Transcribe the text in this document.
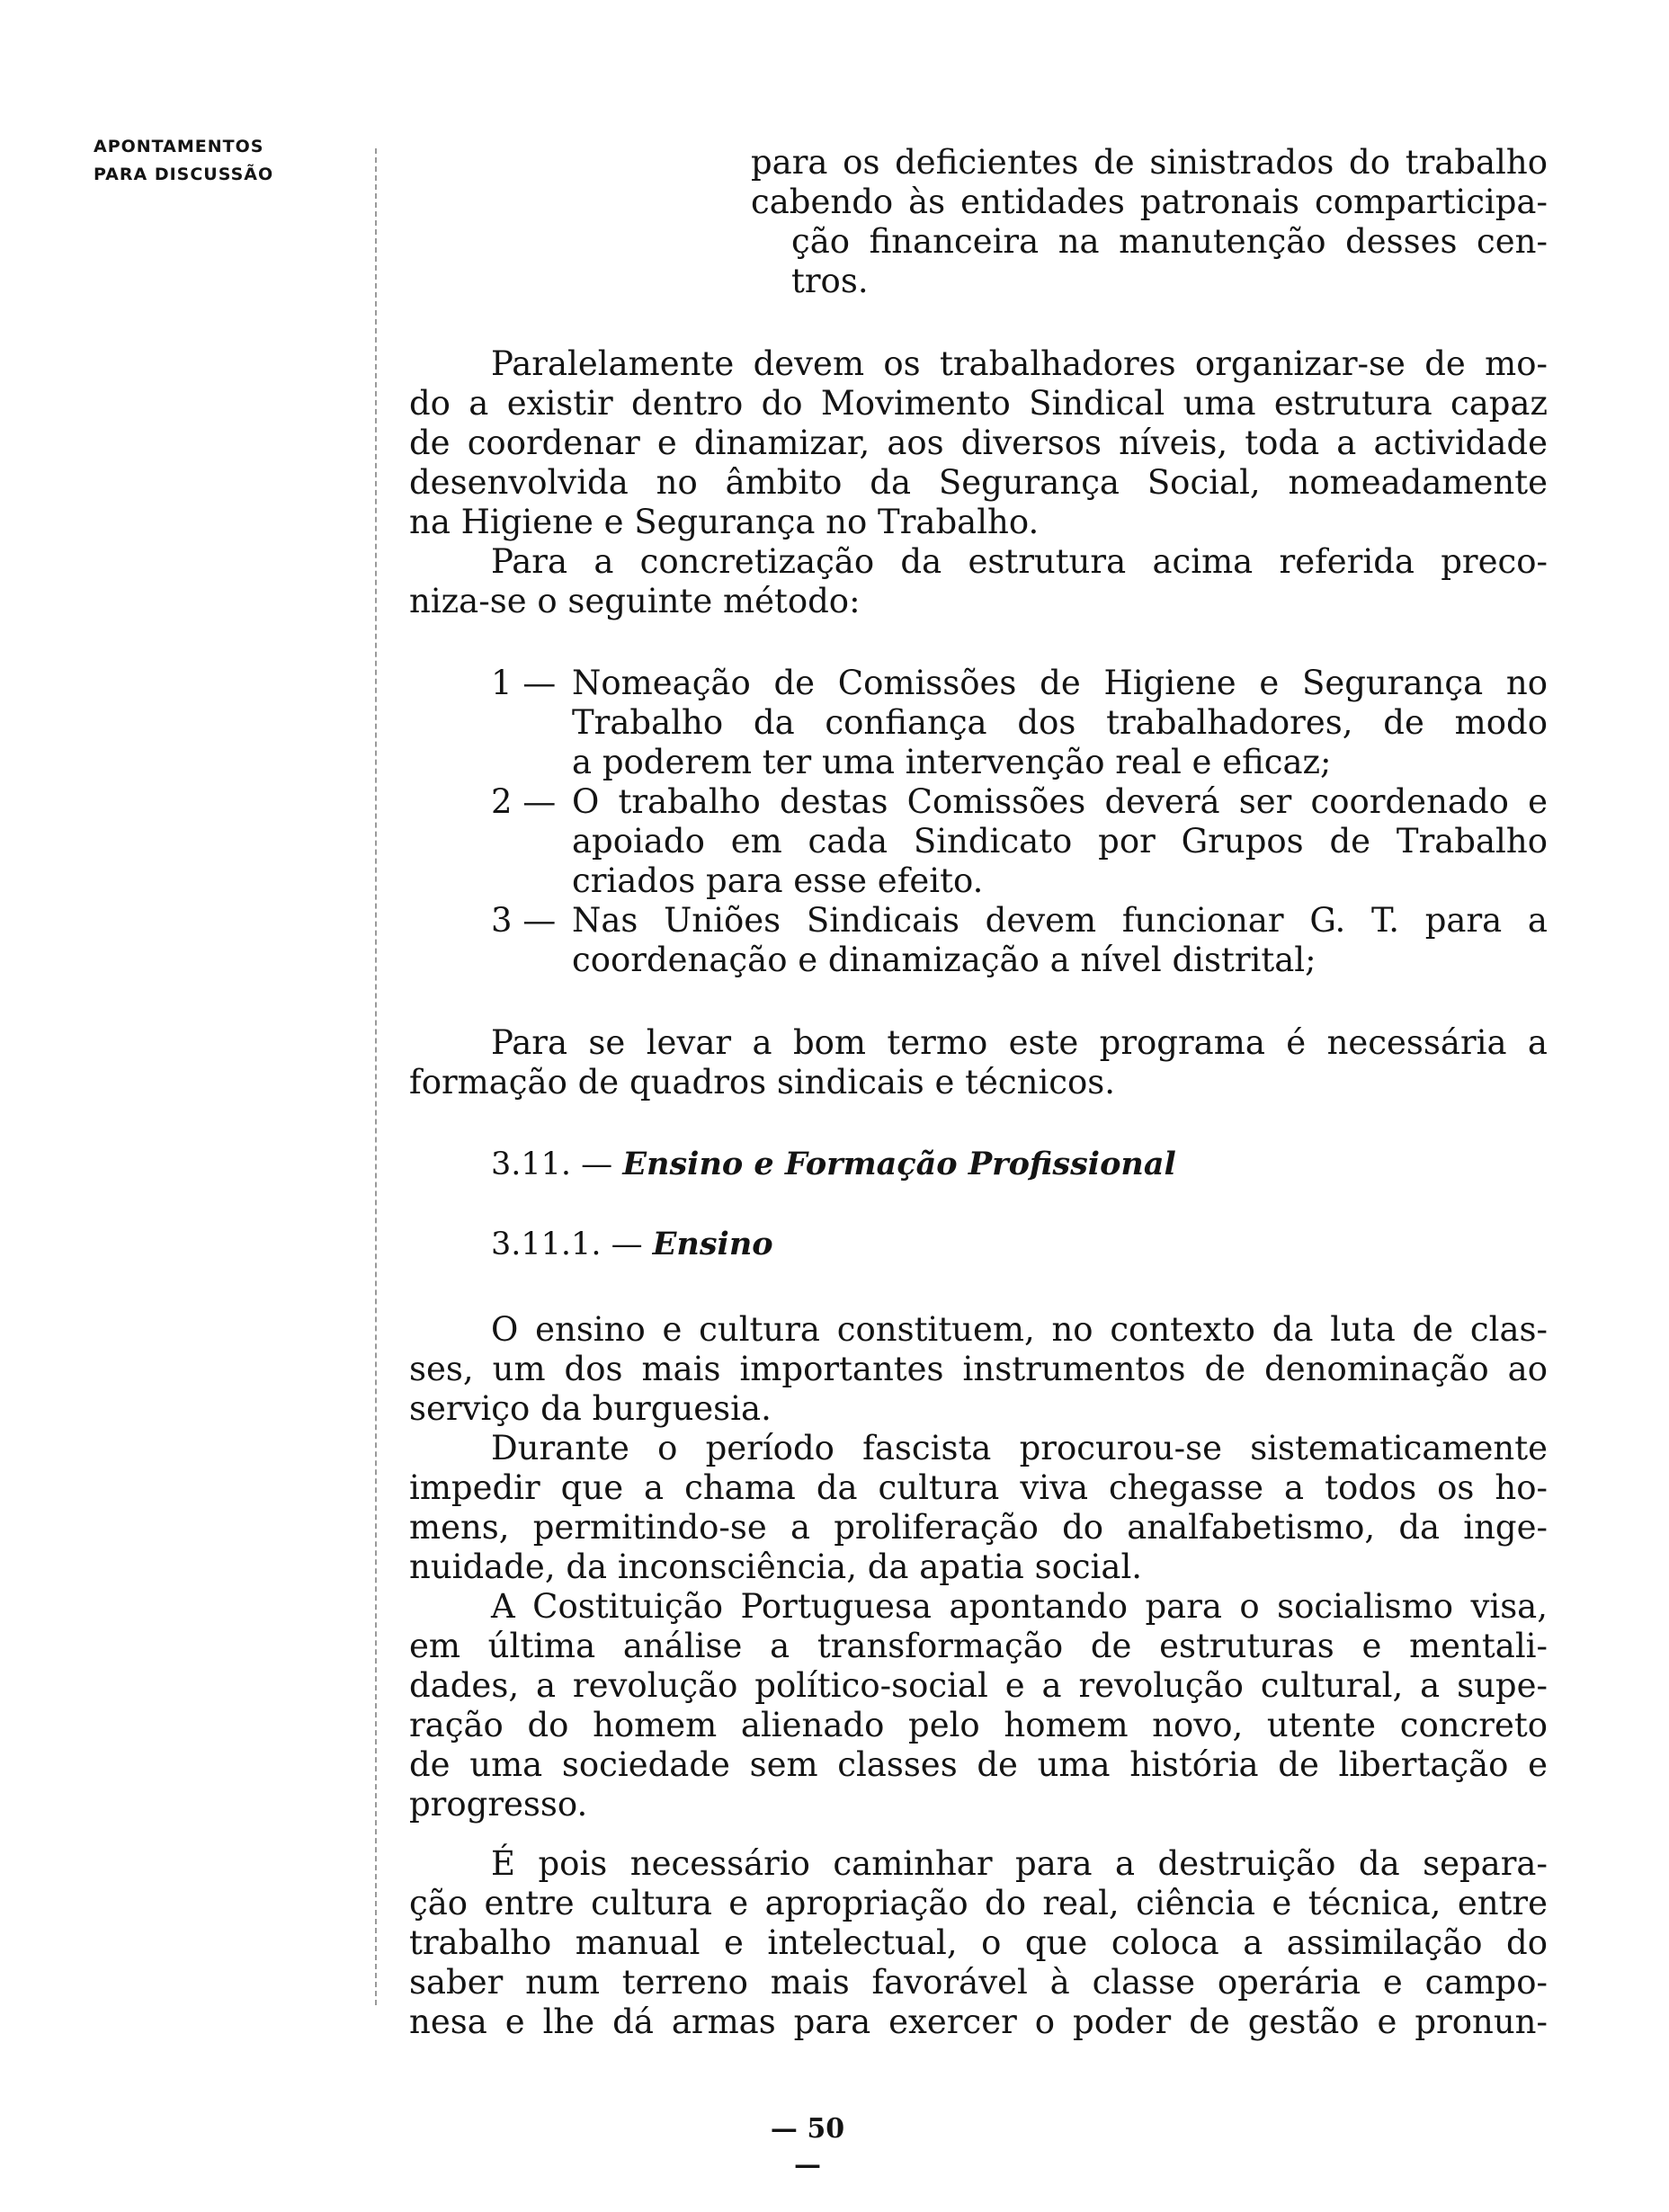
APONTAMENTOS
PARA DISCUSSÃO	para os deficientes de sinistrados do trabalho
cabendo às entidades patronais comparticipa-
ção financeira na manutenção desses cen-
tros.
Paralelamente devem os trabalhadores organizar-se de mo-
do a existir dentro do Movimento Sindical uma estrutura capaz
de coordenar e dinamizar, aos diversos níveis, toda a actividade
desenvolvida no âmbito da Segurança Social, nomeadamente
na Higiene e Segurança no Trabalho.
Para a concretização da estrutura acima referida preco-
niza-se o seguinte método:
1 — Nomeação de Comissões de Higiene e Segurança no
Trabalho da confiança dos trabalhadores, de modo
a poderem ter uma intervenção real e eficaz;
2 — O trabalho destas Comissões deverá ser coordenado e
apoiado em cada Sindicato por Grupos de Trabalho
criados para esse efeito.
3 — Nas Uniões Sindicais devem funcionar G. T. para a
coordenação e dinamização a nível distrital;
Para se levar a bom termo este programa é necessária a
formação de quadros sindicais e técnicos.
3.11. — Ensino e Formação Profissional
3.11.1. — Ensino
O ensino e cultura constituem, no contexto da luta de clas-
ses, um dos mais importantes instrumentos de denominação ao
serviço da burguesia.
Durante o período fascista procurou-se sistematicamente
impedir que a chama da cultura viva chegasse a todos os ho-
mens, permitindo-se a proliferação do analfabetismo, da inge-
nuidade, da inconsciência, da apatia social.
A Costituição Portuguesa apontando para o socialismo visa,
em última análise a transformação de estruturas e mentali-
dades, a revolução político-social e a revolução cultural, a supe-
ração do homem alienado pelo homem novo, utente concreto
de uma sociedade sem classes de uma história de libertação e
progresso.
É pois necessário caminhar para a destruição da separa-
ção entre cultura e apropriação do real, ciência e técnica, entre
trabalho manual e intelectual, o que coloca a assimilação do
saber num terreno mais favorável à classe operária e campo-
nesa e lhe dá armas para exercer o poder de gestão e pronun-
— 50 —
